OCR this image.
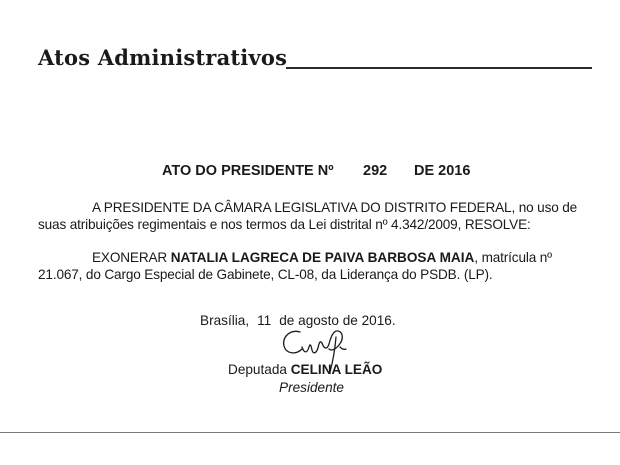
Atos Administrativos
ATO DO PRESIDENTE Nº 292 DE 2016
A PRESIDENTE DA CÂMARA LEGISLATIVA DO DISTRITO FEDERAL, no uso de
suas atribuições regimentais e nos termos da Lei distrital nº 4.342/2009, RESOLVE:
EXONERAR NATALIA LAGRECA DE PAIVA BARBOSA MAIA, matrícula nº
21.067, do Cargo Especial de Gabinete, CL-08, da Liderança do PSDB. (LP).
Brasília, 11 de agosto de 2016.
Deputada CELINA LEÃO
Presidente
